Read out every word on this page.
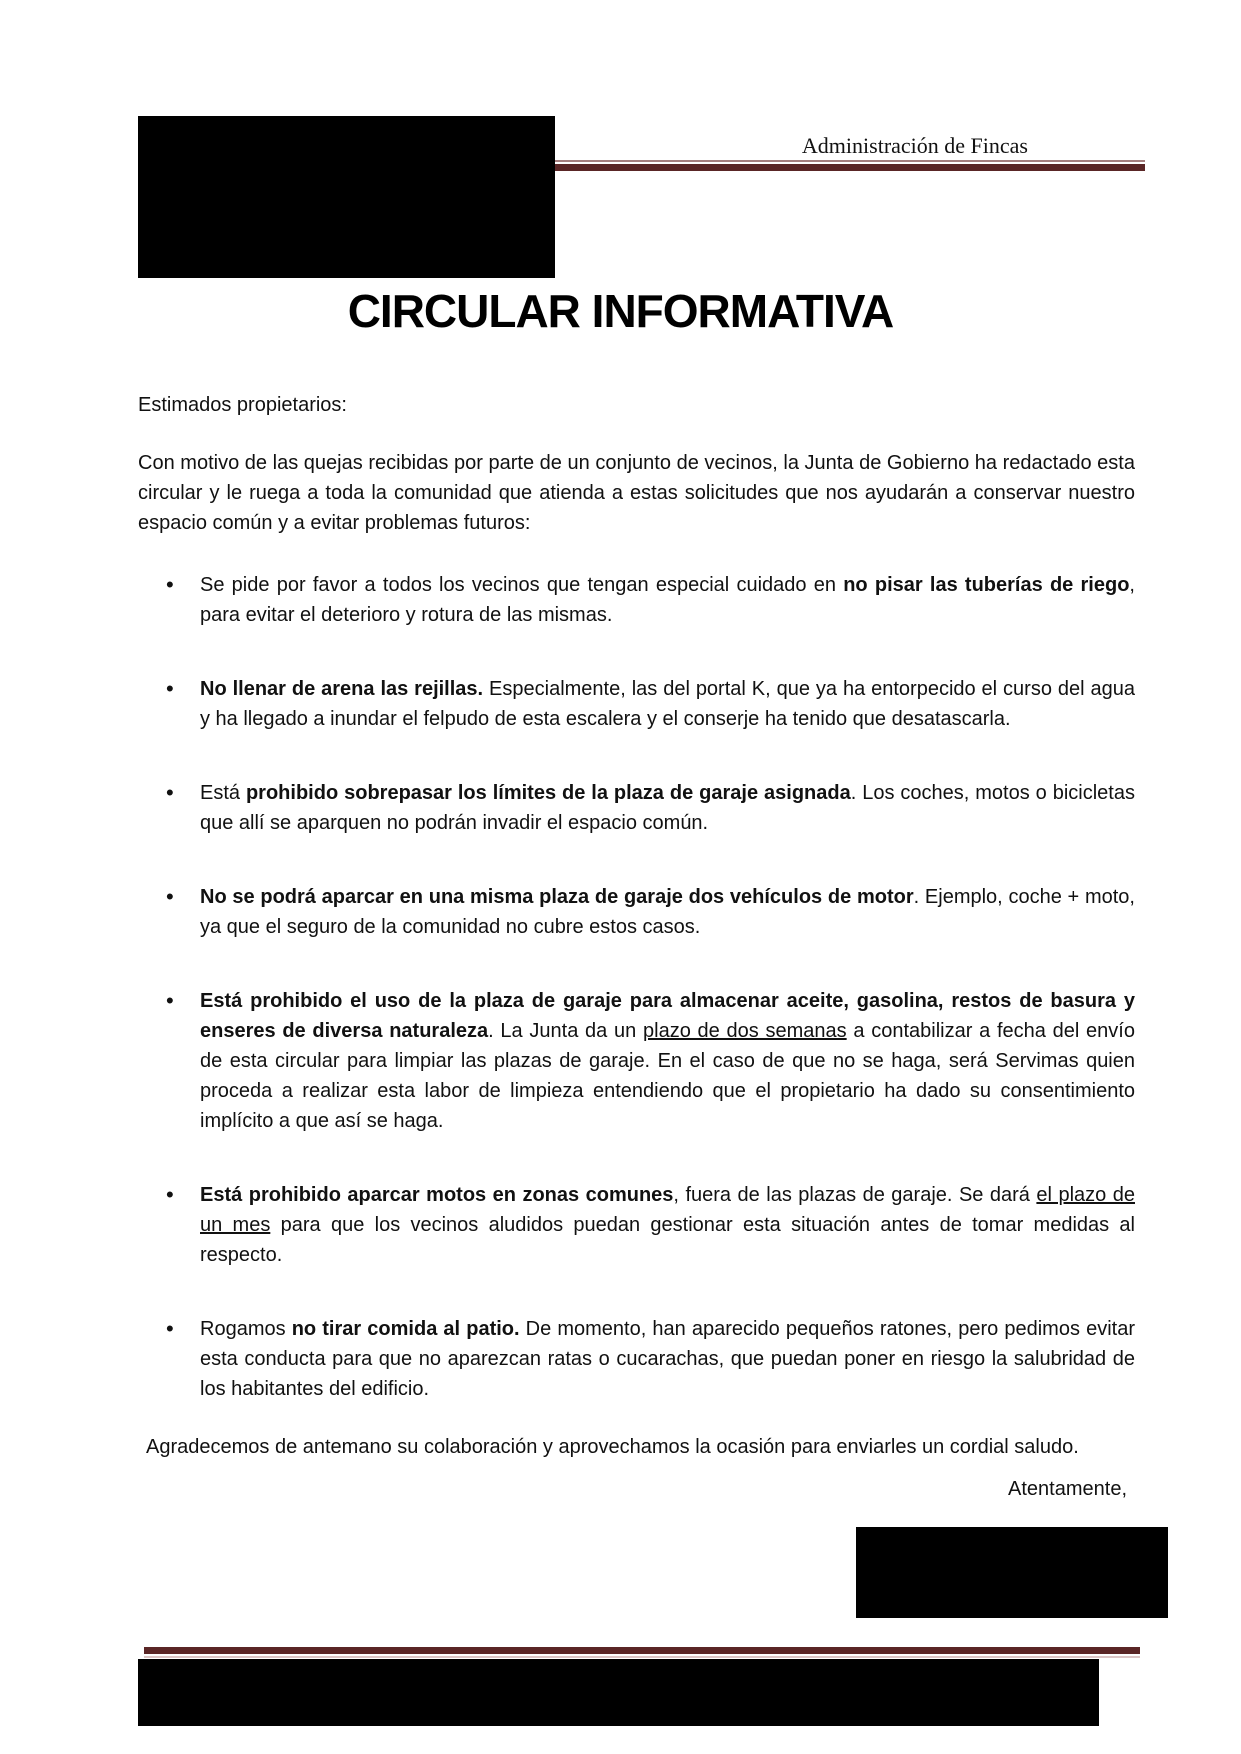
Administración de Fincas
CIRCULAR INFORMATIVA

Estimados propietarios:

Con motivo de las quejas recibidas por parte de un conjunto de vecinos, la Junta de Gobierno ha redactado esta circular y le ruega a toda la comunidad que atienda a estas solicitudes que nos ayudarán a conservar nuestro espacio común y a evitar problemas futuros:

• Se pide por favor a todos los vecinos que tengan especial cuidado en no pisar las tuberías de riego, para evitar el deterioro y rotura de las mismas.
• No llenar de arena las rejillas. Especialmente, las del portal K, que ya ha entorpecido el curso del agua y ha llegado a inundar el felpudo de esta escalera y el conserje ha tenido que desatascarla.
• Está prohibido sobrepasar los límites de la plaza de garaje asignada. Los coches, motos o bicicletas que allí se aparquen no podrán invadir el espacio común.
• No se podrá aparcar en una misma plaza de garaje dos vehículos de motor. Ejemplo, coche + moto, ya que el seguro de la comunidad no cubre estos casos.
• Está prohibido el uso de la plaza de garaje para almacenar aceite, gasolina, restos de basura y enseres de diversa naturaleza. La Junta da un plazo de dos semanas a contabilizar a fecha del envío de esta circular para limpiar las plazas de garaje. En el caso de que no se haga, será Servimas quien proceda a realizar esta labor de limpieza entendiendo que el propietario ha dado su consentimiento implícito a que así se haga.
• Está prohibido aparcar motos en zonas comunes, fuera de las plazas de garaje. Se dará el plazo de un mes para que los vecinos aludidos puedan gestionar esta situación antes de tomar medidas al respecto.
• Rogamos no tirar comida al patio. De momento, han aparecido pequeños ratones, pero pedimos evitar esta conducta para que no aparezcan ratas o cucarachas, que puedan poner en riesgo la salubridad de los habitantes del edificio.

Agradecemos de antemano su colaboración y aprovechamos la ocasión para enviarles un cordial saludo.

Atentamente,
